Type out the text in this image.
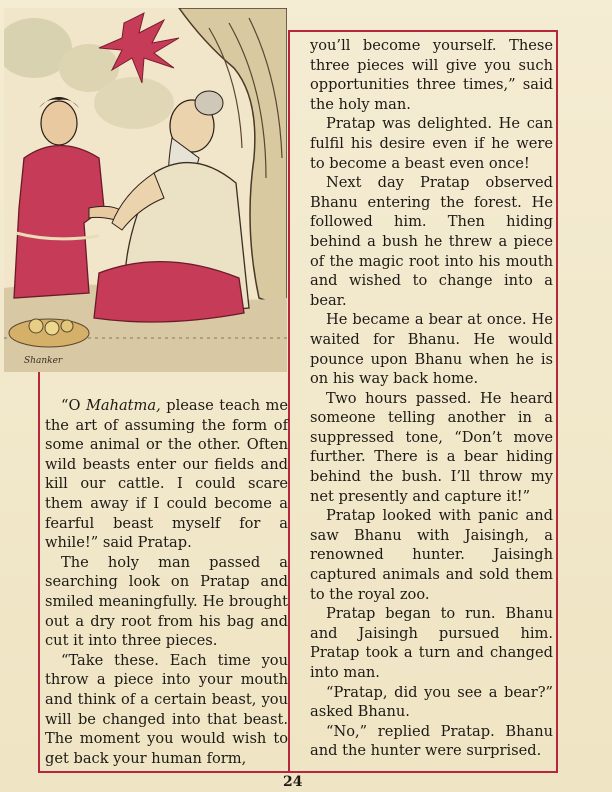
Shanker

you’ll become yourself. These three pieces will give you such opportunities three times,” said the holy man.

Pratap was delighted. He can fulfil his desire even if he were to become a beast even once!

Next day Pratap observed Bhanu entering the forest. He followed him. Then hiding behind a bush he threw a piece of the magic root into his mouth and wished to change into a bear.

He became a bear at once. He waited for Bhanu. He would pounce upon Bhanu when he is on his way back home.

Two hours passed. He heard someone telling another in a suppressed tone, “Don’t move further. There is a bear hiding behind the bush. I’ll throw my net presently and capture it!”

Pratap looked with panic and saw Bhanu with Jaisingh, a renowned hunter. Jaisingh captured animals and sold them to the royal zoo.

Pratap began to run. Bhanu and Jaisingh pursued him. Pratap took a turn and changed into man.

“Pratap, did you see a bear?” asked Bhanu.

“No,” replied Pratap. Bhanu and the hunter were surprised.

“O Mahatma, please teach me the art of assuming the form of some animal or the other. Often wild beasts enter our fields and kill our cattle. I could scare them away if I could become a fearful beast myself for a while!” said Pratap.

The holy man passed a searching look on Pratap and smiled meaningfully. He brought out a dry root from his bag and cut it into three pieces.

“Take these. Each time you throw a piece into your mouth and think of a certain beast, you will be changed into that beast. The moment you would wish to get back your human form,

24
